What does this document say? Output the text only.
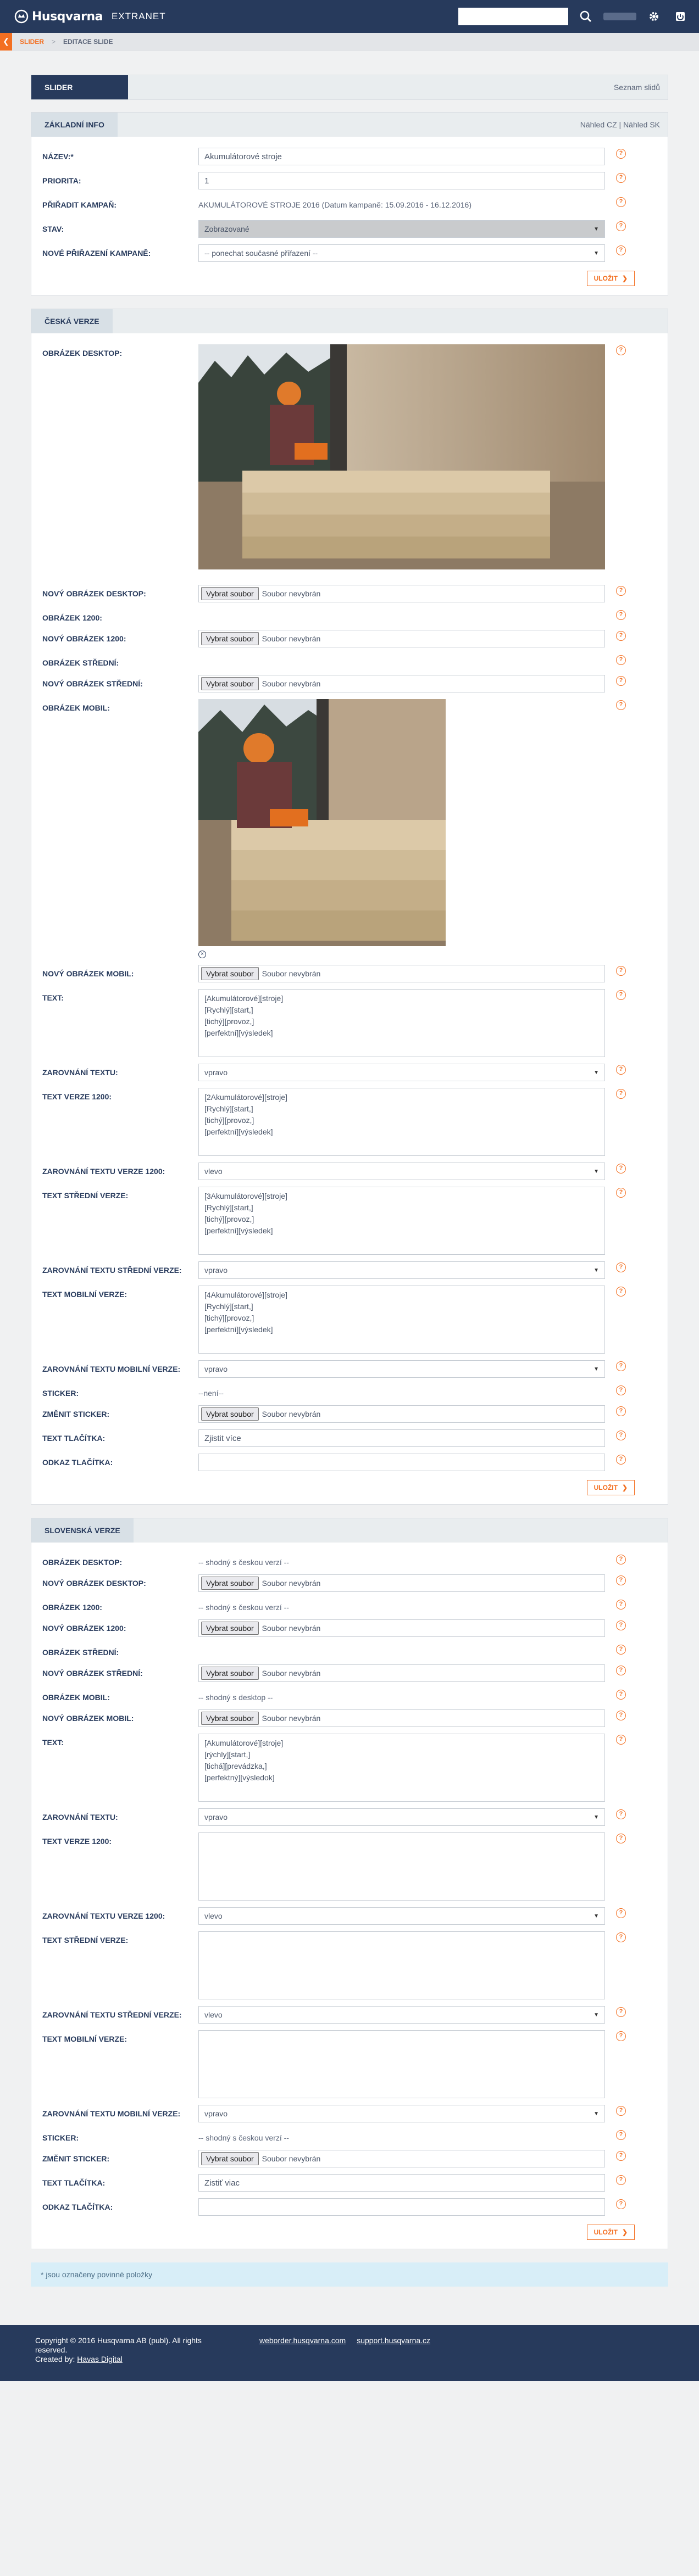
Husqvarna EXTRANET
❮	SLIDER	>	EDITACE SLIDE
SLIDER	Seznam slidů
ZÁKLADNÍ INFO	Náhled CZ | Náhled SK
NÁZEV:*	Akumulátorové stroje	?
PRIORITA:	1	?
PŘIŘADIT KAMPAŇ:	AKUMULÁTOROVÉ STROJE 2016 (Datum kampaně: 15.09.2016 - 16.12.2016)	?
STAV:	Zobrazované	▼	?
NOVÉ PŘIŘAZENÍ KAMPANĚ:	-- ponechat současné přiřazení --	▼	?
ULOŽIT ❯
ČESKÁ VERZE
OBRÁZEK DESKTOP:	?
NOVÝ OBRÁZEK DESKTOP:	Vybrat soubor	Soubor nevybrán	?
OBRÁZEK 1200:	?
NOVÝ OBRÁZEK 1200:	Vybrat soubor	Soubor nevybrán	?
OBRÁZEK STŘEDNÍ:	?
NOVÝ OBRÁZEK STŘEDNÍ:	Vybrat soubor	Soubor nevybrán	?
OBRÁZEK MOBIL:
×
?
NOVÝ OBRÁZEK MOBIL:	Vybrat soubor	Soubor nevybrán	?
TEXT:	[Akumulátorové][stroje]
[Rychlý][start,]
[tichý][provoz,]
[perfektní][výsledek]
?
ZAROVNÁNÍ TEXTU:	vpravo	▼	?
TEXT VERZE 1200:	[2Akumulátorové][stroje]
[Rychlý][start,]
[tichý][provoz,]
[perfektní][výsledek]
?
ZAROVNÁNÍ TEXTU VERZE 1200:	vlevo	▼	?
TEXT STŘEDNÍ VERZE:	[3Akumulátorové][stroje]
[Rychlý][start,]
[tichý][provoz,]
[perfektní][výsledek]
?
ZAROVNÁNÍ TEXTU STŘEDNÍ VERZE:	vpravo	▼	?
TEXT MOBILNÍ VERZE:	[4Akumulátorové][stroje]
[Rychlý][start,]
[tichý][provoz,]
[perfektní][výsledek]
?
ZAROVNÁNÍ TEXTU MOBILNÍ VERZE:	vpravo	▼	?
STICKER:	--není--	?
ZMĚNIT STICKER:	Vybrat soubor	Soubor nevybrán	?
TEXT TLAČÍTKA:	Zjistit více	?
ODKAZ TLAČÍTKA:	?
ULOŽIT ❯
SLOVENSKÁ VERZE
OBRÁZEK DESKTOP:	-- shodný s českou verzí --	?
NOVÝ OBRÁZEK DESKTOP:	Vybrat soubor	Soubor nevybrán	?
OBRÁZEK 1200:	-- shodný s českou verzí --	?
NOVÝ OBRÁZEK 1200:	Vybrat soubor	Soubor nevybrán	?
OBRÁZEK STŘEDNÍ:	?
NOVÝ OBRÁZEK STŘEDNÍ:	Vybrat soubor	Soubor nevybrán	?
OBRÁZEK MOBIL:	-- shodný s desktop --	?
NOVÝ OBRÁZEK MOBIL:	Vybrat soubor	Soubor nevybrán	?
TEXT:	[Akumulátorové][stroje]
[rýchly][start,]
[tichá][prevádzka,]
[perfektný][výsledok]
?
ZAROVNÁNÍ TEXTU:	vpravo	▼	?
TEXT VERZE 1200:	?
ZAROVNÁNÍ TEXTU VERZE 1200:	vlevo	▼	?
TEXT STŘEDNÍ VERZE:	?
ZAROVNÁNÍ TEXTU STŘEDNÍ VERZE:	vlevo	▼	?
TEXT MOBILNÍ VERZE:	?
ZAROVNÁNÍ TEXTU MOBILNÍ VERZE:	vpravo	▼	?
STICKER:	-- shodný s českou verzí --	?
ZMĚNIT STICKER:	Vybrat soubor	Soubor nevybrán	?
TEXT TLAČÍTKA:	Zistiť viac	?
ODKAZ TLAČÍTKA:	?
ULOŽIT ❯
* jsou označeny povinné položky
Copyright © 2016 Husqvarna AB (publ). All rights reserved.
Created by: Havas Digital
weborder.husqvarna.com support.husqvarna.cz
